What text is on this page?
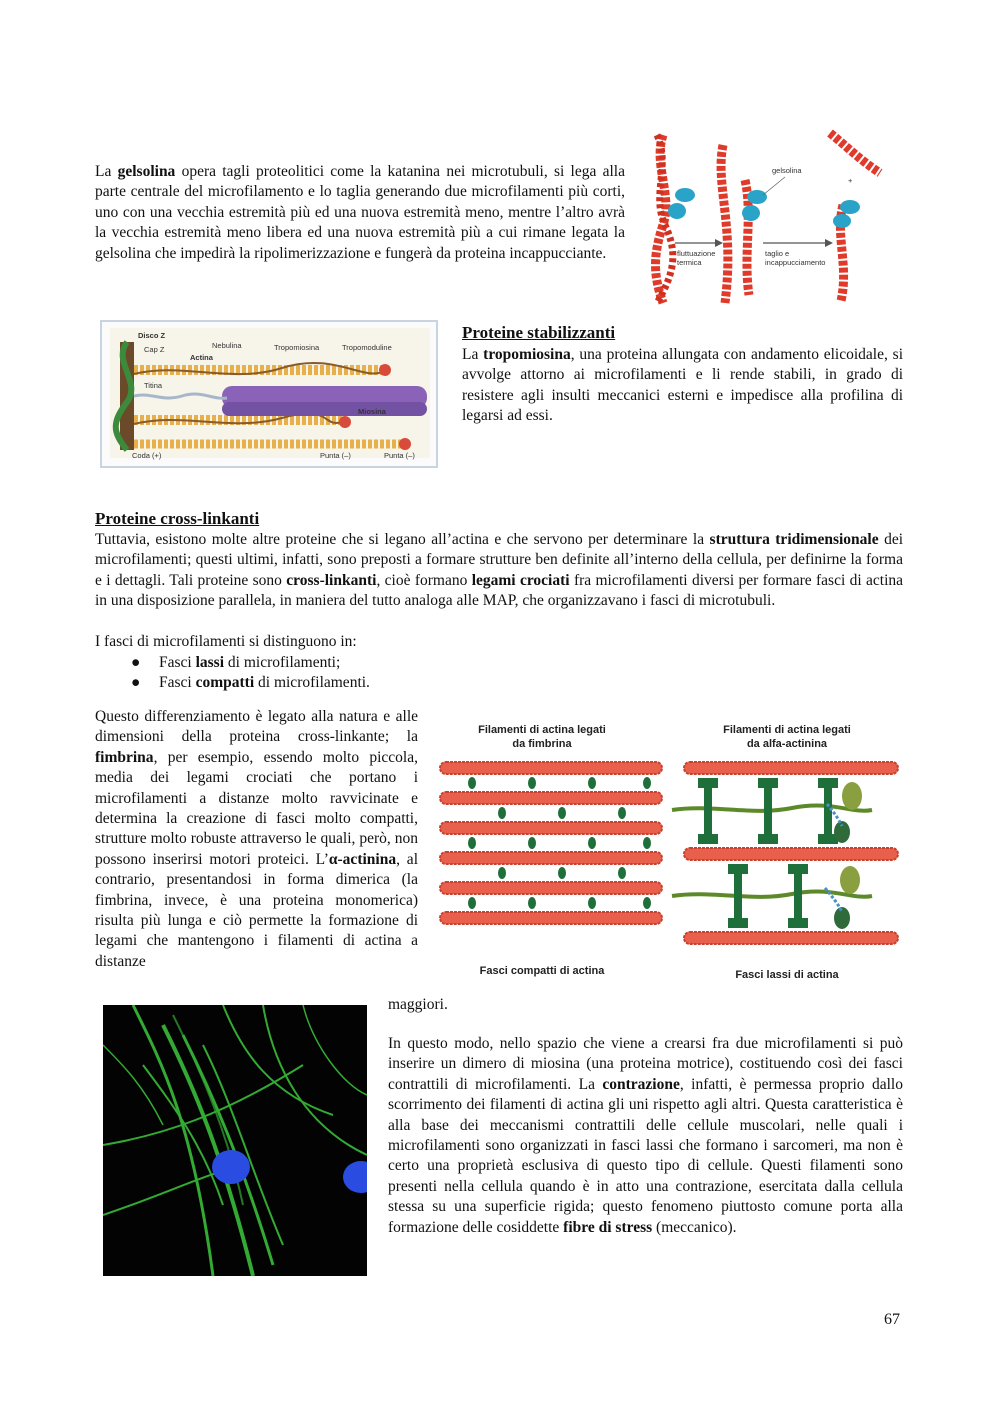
La gelsolina opera tagli proteolitici come la katanina nei microtubuli, si lega alla parte centrale del microfilamento e lo taglia generando due microfilamenti più corti, uno con una vecchia estremità più ed una nuova estremità meno, mentre l’altro avrà la vecchia estremità meno libera ed una nuova estremità più a cui rimane legata la gelsolina che impedirà la ripolimerizzazione e fungerà da proteina incappucciante.

gelsolina
+
fluttuazione
termica
taglio e
incappucciamento
Disco Z
Cap Z	Nebulina	Tropomiosina	Tropomoduline
Actina
Titina
Miosina
Coda (+)	Punta (–)	Punta (–)
Proteine stabilizzanti

La tropomiosina, una proteina allungata con andamento elicoidale, si avvolge attorno ai microfilamenti e li rende stabili, in grado di resistere agli insulti meccanici esterni e impedisce alla profilina di legarsi ad essi.

Proteine cross-linkanti

Tuttavia, esistono molte altre proteine che si legano all’actina e che servono per determinare la struttura tridimensionale dei microfilamenti; questi ultimi, infatti, sono preposti a formare strutture ben definite all’interno della cellula, per definirne la forma e i dettagli. Tali proteine sono cross-linkanti, cioè formano legami crociati fra microfilamenti diversi per formare fasci di actina in una disposizione parallela, in maniera del tutto analoga alle MAP, che organizzavano i fasci di microtubuli.

I fasci di microfilamenti si distinguono in:

● Fasci lassi di microfilamenti;
● Fasci compatti di microfilamenti.

Questo differenziamento è legato alla natura e alle dimensioni della proteina cross-linkante; la fimbrina, per esempio, essendo molto piccola, media dei legami crociati che portano i microfilamenti a distanze molto ravvicinate e determina la creazione di fasci molto compatti, strutture molto robuste attraverso le quali, però, non possono inserirsi motori proteici. L’α-actinina, al contrario, presentandosi in forma dimerica (la fimbrina, invece, è una proteina monomerica) risulta più lunga e ciò permette la formazione di legami che mantengono i filamenti di actina a distanze

maggiori.

Filamenti di actina legati
da fimbrina
Filamenti di actina legati
da alfa-actinina
Fasci compatti di actina	Fasci lassi di actina

In questo modo, nello spazio che viene a crearsi fra due microfilamenti si può inserire un dimero di miosina (una proteina motrice), costituendo così dei fasci contrattili di microfilamenti. La contrazione, infatti, è permessa proprio dallo scorrimento dei filamenti di actina gli uni rispetto agli altri. Questa caratteristica è alla base dei meccanismi contrattili delle cellule muscolari, nelle quali i microfilamenti sono organizzati in fasci lassi che formano i sarcomeri, ma non è certo una proprietà esclusiva di questo tipo di cellule. Questi filamenti sono presenti nella cellula quando è in atto una contrazione, esercitata dalla cellula stessa su una superficie rigida; questo fenomeno piuttosto comune porta alla formazione delle cosiddette fibre di stress (meccanico).

67
